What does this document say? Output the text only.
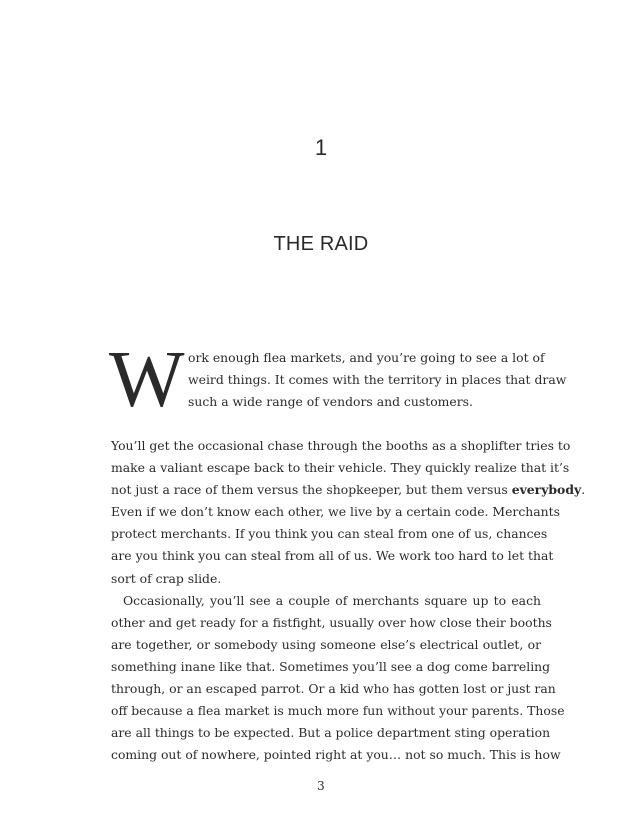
1
THE RAID
W ork enough flea markets, and you’re going to see a lot of
weird things. It comes with the territory in places that draw
such a wide range of vendors and customers.
You’ll get the occasional chase through the booths as a shoplifter tries to
make a valiant escape back to their vehicle. They quickly realize that it’s
not just a race of them versus the shopkeeper, but them versus everybody.
Even if we don’t know each other, we live by a certain code. Merchants
protect merchants. If you think you can steal from one of us, chances
are you think you can steal from all of us. We work too hard to let that
sort of crap slide.
Occasionally, you’ll see a couple of merchants square up to each
other and get ready for a fistfight, usually over how close their booths
are together, or somebody using someone else’s electrical outlet, or
something inane like that. Sometimes you’ll see a dog come barreling
through, or an escaped parrot. Or a kid who has gotten lost or just ran
off because a flea market is much more fun without your parents. Those
are all things to be expected. But a police department sting operation
coming out of nowhere, pointed right at you… not so much. This is how
3
